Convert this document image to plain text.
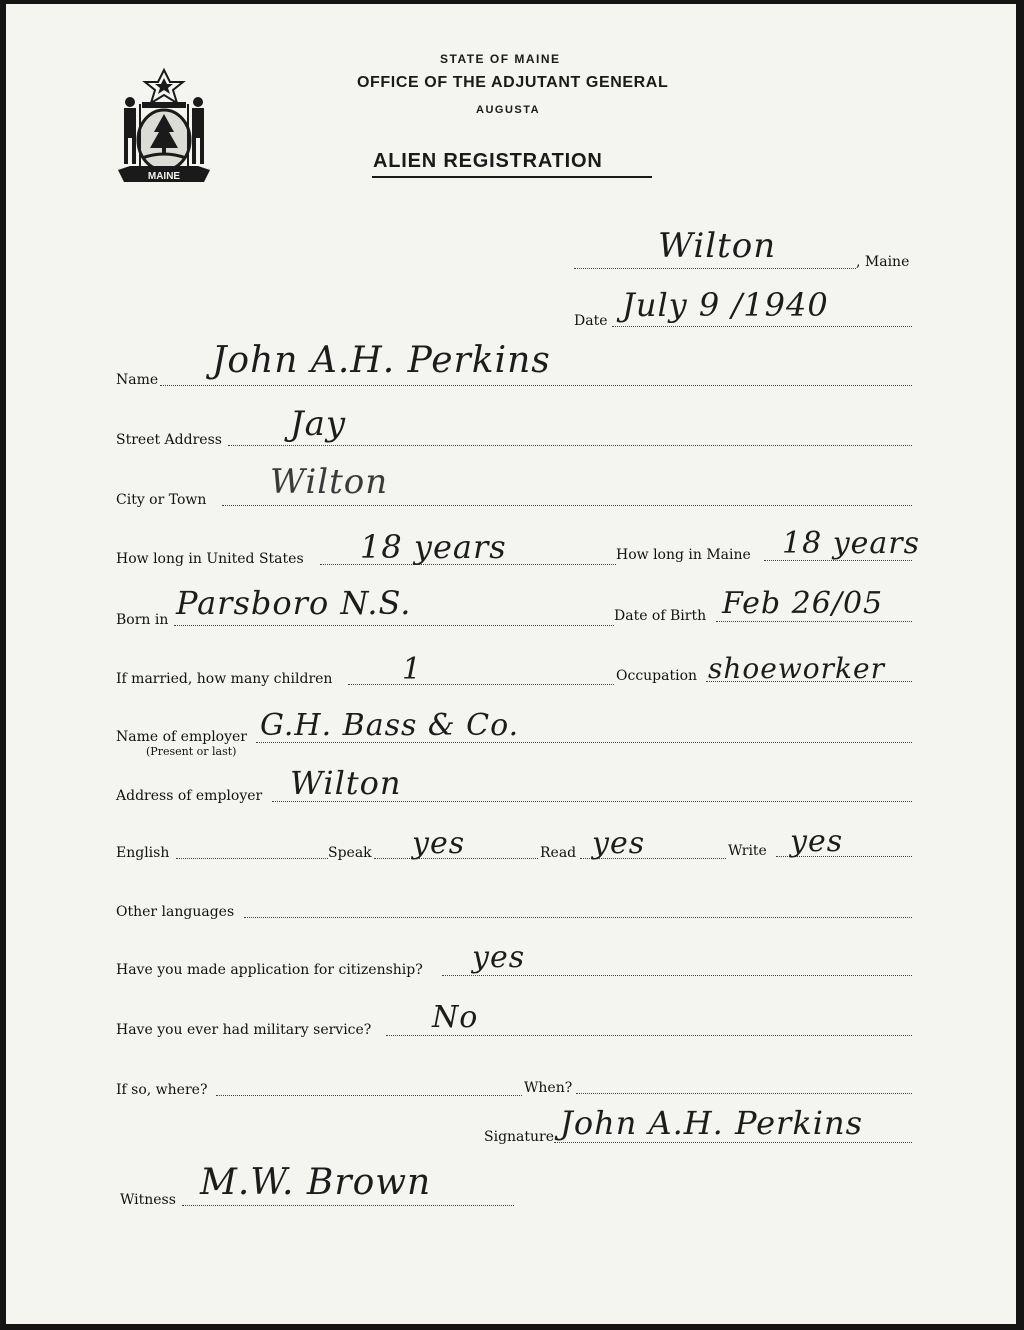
MAINE
STATE OF MAINE
OFFICE OF THE ADJUTANT GENERAL
AUGUSTA
ALIEN REGISTRATION
Wilton	, Maine
Date July 9 /1940
Name John A.H. Perkins
Street Address Jay
City or Town Wilton
How long in United States 18 years	How long in Maine 18 years
Born in Parsboro N.S.	Date of Birth Feb 26/05
If married, how many children 1	Occupation shoeworker
Name of employer
(Present or last)
G.H. Bass & Co.
Address of employer Wilton
English	Speak yes	Read yes	Write yes
Other languages
Have you made application for citizenship? yes
Have you ever had military service? No
If so, where?	When?
Signature John A.H. Perkins
Witness M.W. Brown
